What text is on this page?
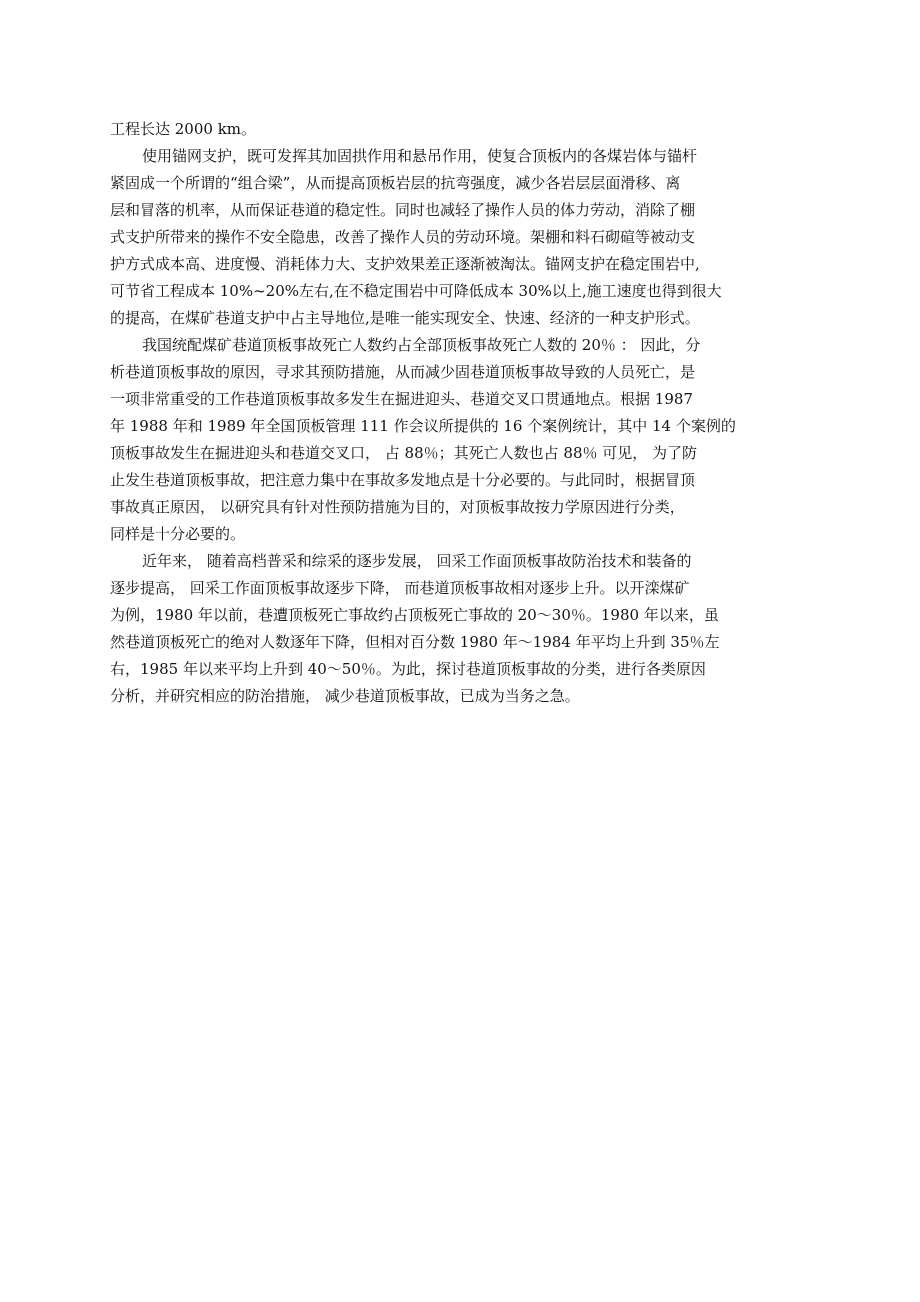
工程长达 2000 km。
使用锚网支护，既可发挥其加固拱作用和悬吊作用，使复合顶板内的各煤岩体与锚杆
紧固成一个所谓的“组合梁”，从而提高顶板岩层的抗弯强度，减少各岩层层面滑移、离
层和冒落的机率，从而保证巷道的稳定性。同时也减轻了操作人员的体力劳动，消除了棚
式支护所带来的操作不安全隐患，改善了操作人员的劳动环境。架棚和料石砌碹等被动支
护方式成本高、进度慢、消耗体力大、支护效果差正逐渐被淘汰。锚网支护在稳定围岩中,
可节省工程成本 10%~20%左右,在不稳定围岩中可降低成本 30%以上,施工速度也得到很大
的提高，在煤矿巷道支护中占主导地位,是唯一能实现安全、快速、经济的一种支护形式。
我国统配煤矿巷道顶板事故死亡人数约占全部顶板事故死亡人数的 20％ ： 因此，分
析巷道顶板事故的原因，寻求其预防措施，从而减少固巷道顶板事故导致的人员死亡，是
一项非常重受的工作巷道顶板事故多发生在掘进迎头、巷道交叉口贯通地点。根据 1987
年 1988 年和 1989 年全国顶板管理 111 作会议所提供的 16 个案例统计，其中 14 个案例的
顶板事故发生在掘进迎头和巷道交叉口， 占 88％；其死亡人数也占 88％ 可见， 为了防
止发生巷道顶板事故，把注意力集中在事故多发地点是十分必要的。与此同时，根据冒顶
事故真正原因， 以研究具有针对性预防措施为目的，对顶板事故按力学原因进行分类，
同样是十分必要的。
近年来， 随着高档普采和综采的逐步发展， 回采工作面顶板事故防治技术和装备的
逐步提高， 回采工作面顶板事故逐步下降， 而巷道顶板事故相对逐步上升。以开滦煤矿
为例，1980 年以前，巷遭顶板死亡事故约占顶板死亡事故的 20～30％。1980 年以来，虽
然巷道顶板死亡的绝对人数逐年下降，但相对百分数 1980 年～1984 年平均上升到 35％左
右，1985 年以来平均上升到 40～50％。为此，探讨巷道顶板事故的分类，进行各类原因
分析，并研究相应的防治措施， 减少巷道顶板事故，已成为当务之急。
